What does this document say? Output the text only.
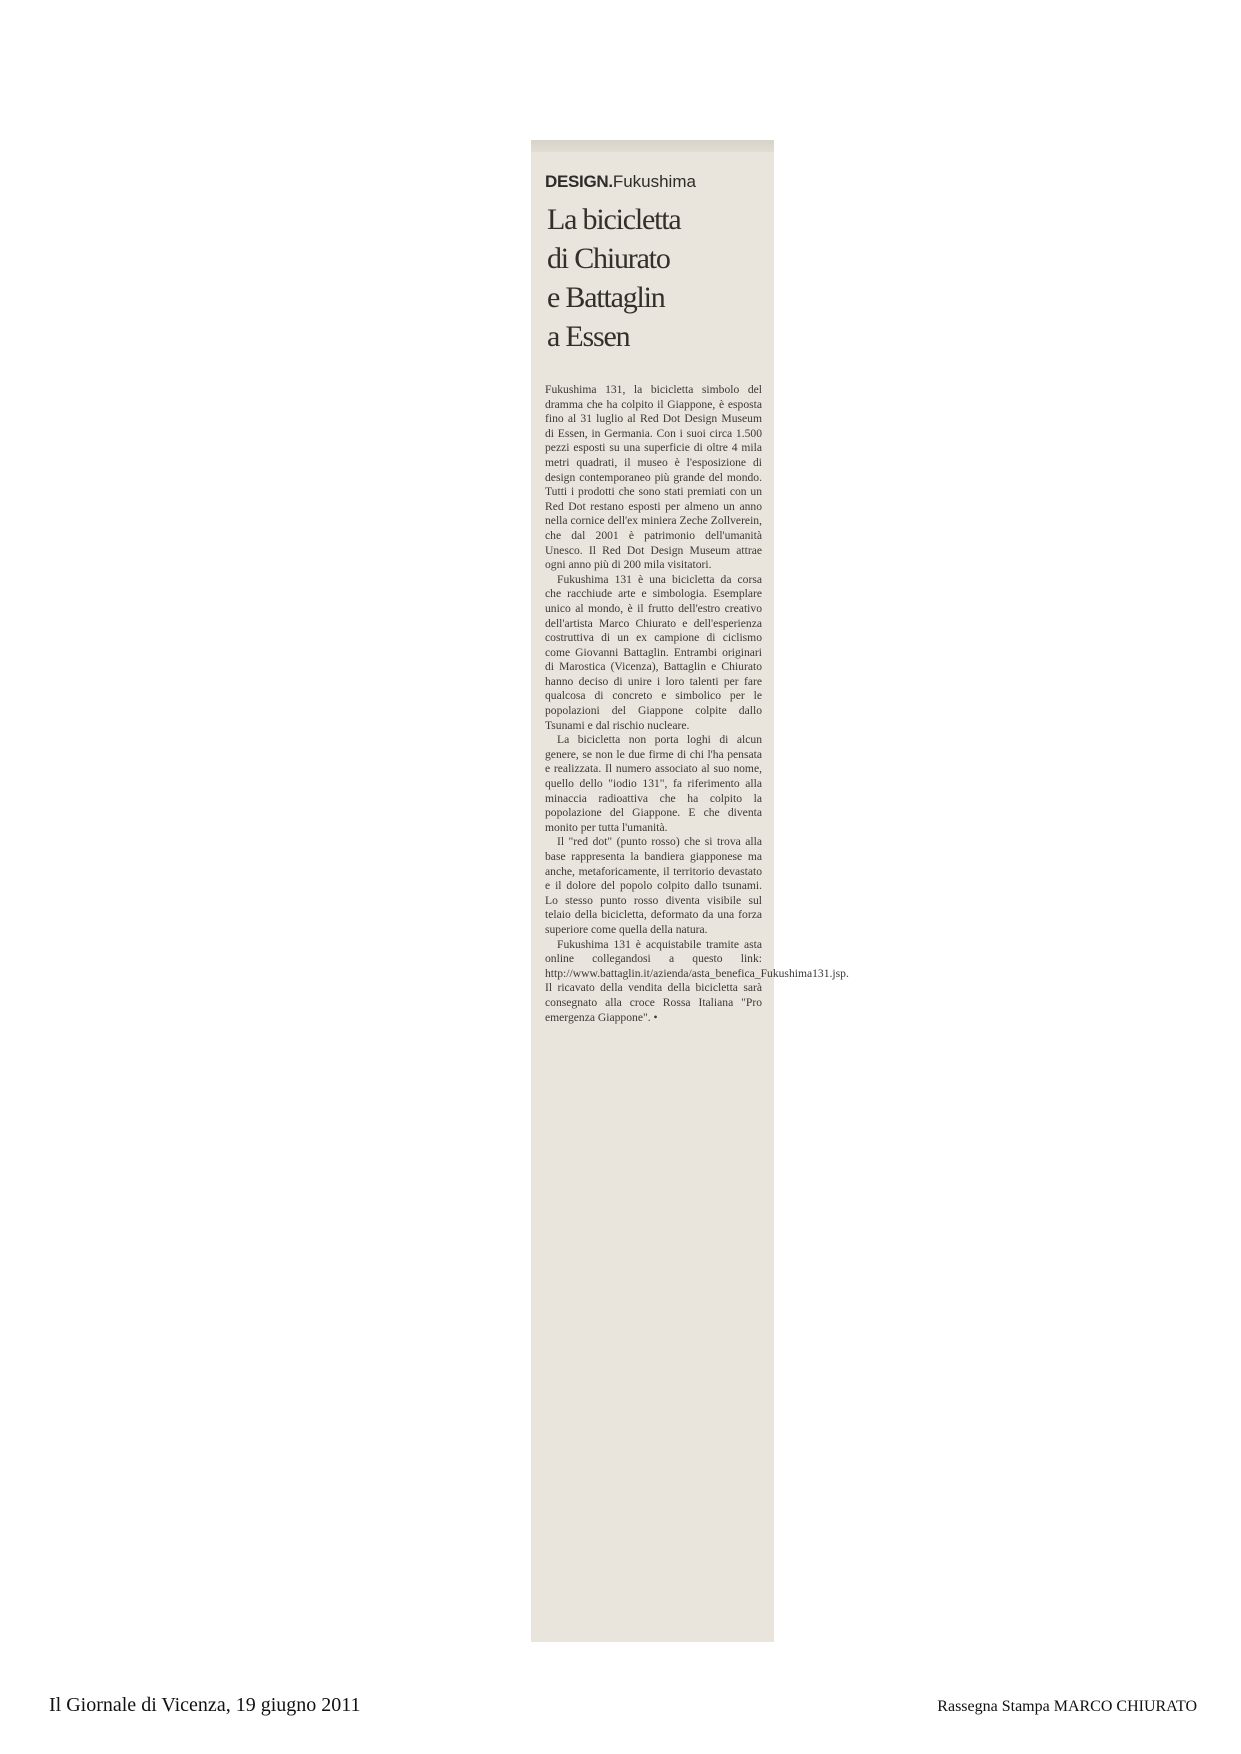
DESIGN.Fukushima
La bicicletta
di Chiurato
e Battaglin
a Essen

Fukushima 131, la bicicletta simbolo del dramma che ha colpito il Giappone, è esposta fino al 31 luglio al Red Dot Design Museum di Essen, in Germania. Con i suoi circa 1.500 pezzi esposti su una superficie di oltre 4 mila metri quadrati, il museo è l'esposizione di design contemporaneo più grande del mondo. Tutti i prodotti che sono stati premiati con un Red Dot restano esposti per almeno un anno nella cornice dell'ex miniera Zeche Zollverein, che dal 2001 è patrimonio dell'umanità Unesco. Il Red Dot Design Museum attrae ogni anno più di 200 mila visitatori.

Fukushima 131 è una bicicletta da corsa che racchiude arte e simbologia. Esemplare unico al mondo, è il frutto dell'estro creativo dell'artista Marco Chiurato e dell'esperienza costruttiva di un ex campione di ciclismo come Giovanni Battaglin. Entrambi originari di Marostica (Vicenza), Battaglin e Chiurato hanno deciso di unire i loro talenti per fare qualcosa di concreto e simbolico per le popolazioni del Giappone colpite dallo Tsunami e dal rischio nucleare.

La bicicletta non porta loghi di alcun genere, se non le due firme di chi l'ha pensata e realizzata. Il numero associato al suo nome, quello dello "iodio 131", fa riferimento alla minaccia radioattiva che ha colpito la popolazione del Giappone. E che diventa monito per tutta l'umanità.

Il "red dot" (punto rosso) che si trova alla base rappresenta la bandiera giapponese ma anche, metaforicamente, il territorio devastato e il dolore del popolo colpito dallo tsunami. Lo stesso punto rosso diventa visibile sul telaio della bicicletta, deformato da una forza superiore come quella della natura.

Fukushima 131 è acquistabile tramite asta online collegandosi a questo link: http://www.battaglin.it/azienda/asta_benefica_Fukushima131.jsp. Il ricavato della vendita della bicicletta sarà consegnato alla croce Rossa Italiana "Pro emergenza Giappone". •

Il Giornale di Vicenza, 19 giugno 2011	Rassegna Stampa MARCO CHIURATO
